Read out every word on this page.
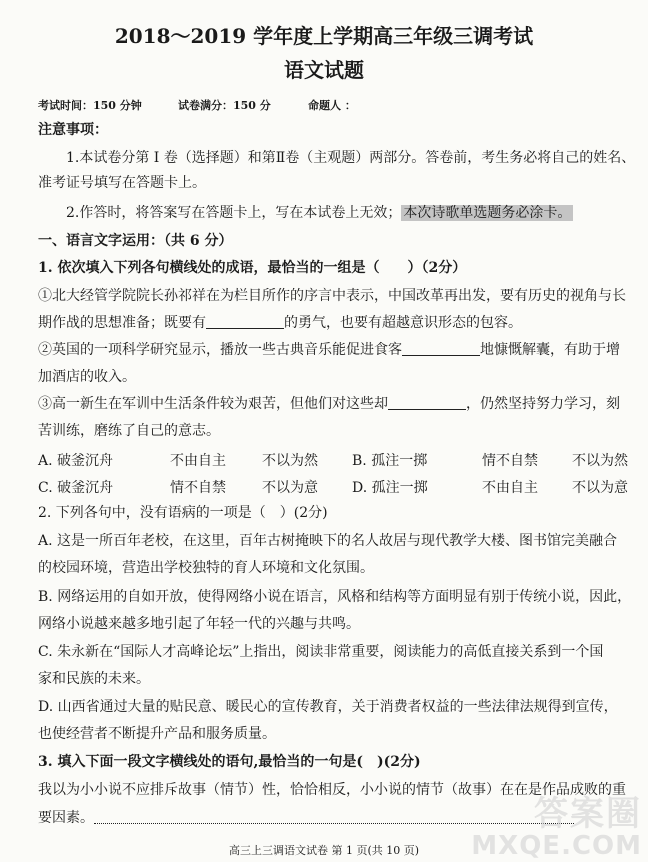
2018～2019 学年度上学期高三年级三调考试
语文试题
考试时间：150 分钟	试卷满分：150 分	命题人 ：
注意事项：
1.本试卷分第 I 卷（选择题）和第Ⅱ卷（主观题）两部分。答卷前，考生务必将自己的姓名、
准考证号填写在答题卡上。
2.作答时，将答案写在答题卡上，写在本试卷上无效； 本次诗歌单选题务必涂卡。
一、语言文字运用：（共 6 分）
1. 依次填入下列各句横线处的成语，最恰当的一组是（　　）（2分）
①北大经管学院院长孙祁祥在为栏目所作的序言中表示，中国改革再出发，要有历史的视角与长
期作战的思想准备；既要有	的勇气，也要有超越意识形态的包容。
②英国的一项科学研究显示，播放一些古典音乐能促进食客	地慷慨解囊，有助于增
加酒店的收入。
③高一新生在军训中生活条件较为艰苦，但他们对这些却	，仍然坚持努力学习，刻
苦训练，磨练了自己的意志。
A. 破釜沉舟	不由自主	不以为然 B. 孤注一掷	情不自禁 不以为然
C. 破釜沉舟	情不自禁	不以为意 D. 孤注一掷	不由自主 不以为意
2. 下列各句中，没有语病的一项是（　）(2分)
A. 这是一所百年老校，在这里，百年古树掩映下的名人故居与现代教学大楼、图书馆完美融合
的校园环境，营造出学校独特的育人环境和文化氛围。
B. 网络运用的自如开放，使得网络小说在语言，风格和结构等方面明显有别于传统小说，因此，
网络小说越来越多地引起了年轻一代的兴趣与共鸣。
C. 朱永新在“国际人才高峰论坛”上指出，阅读非常重要，阅读能力的高低直接关系到一个国
家和民族的未来。
D. 山西省通过大量的贴民意、暖民心的宣传教育，关于消费者权益的一些法律法规得到宣传，
也使经营者不断提升产品和服务质量。
3. 填入下面一段文字横线处的语句,最恰当的一句是(　)(2分)
我以为小小说不应排斥故事（情节）性，恰恰相反，小小说的情节（故事）在在是作品成败的重
要因素。
高三上三调语文试卷 第 1 页(共 10 页)
答案圈
MXQE.COM
